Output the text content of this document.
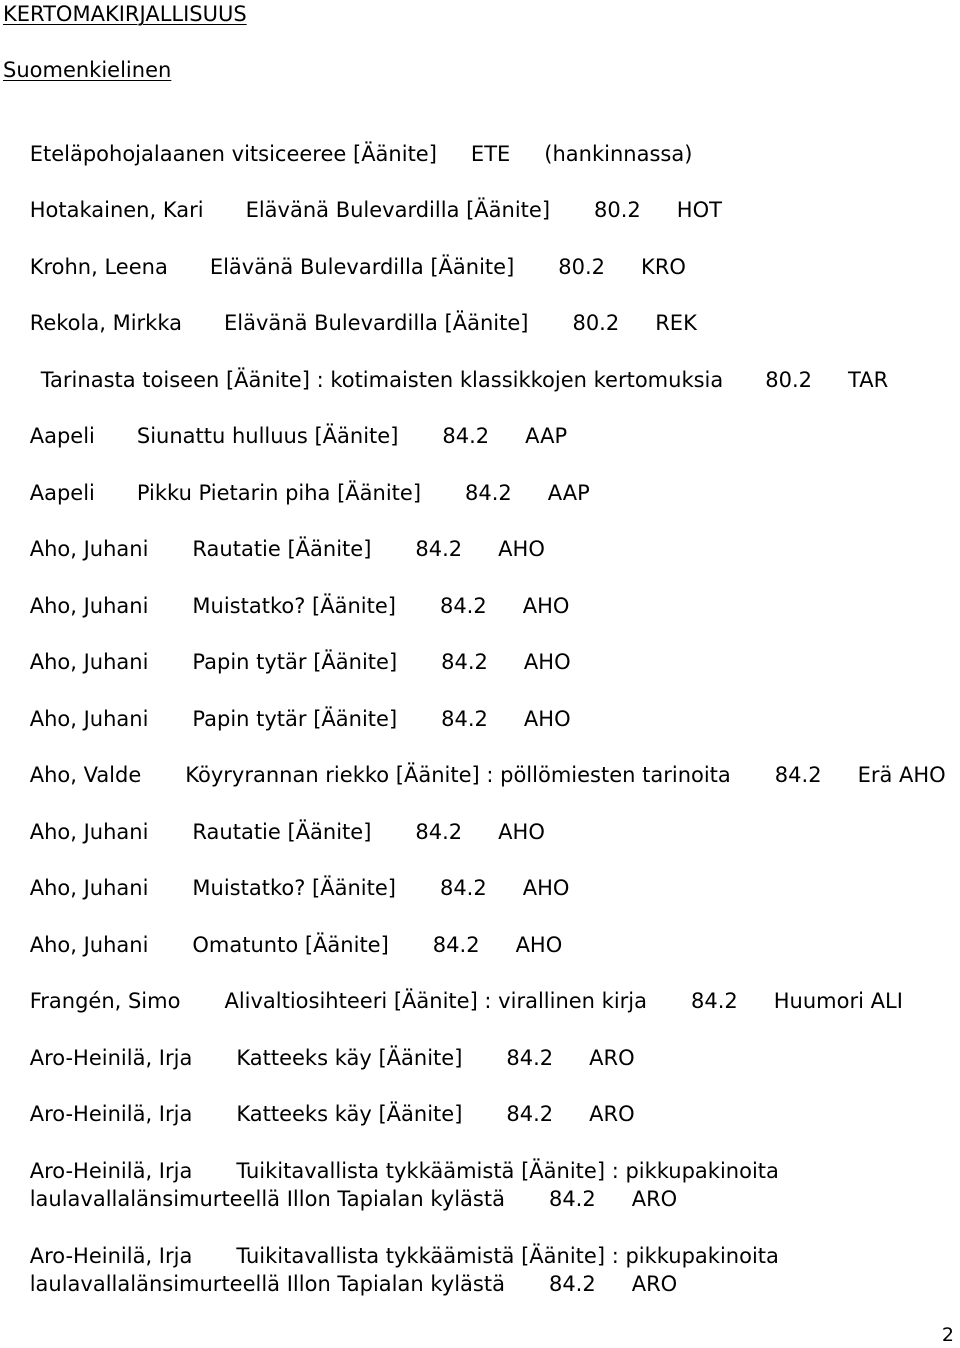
KERTOMAKIRJALLISUUS
Suomenkielinen

Eteläpohojalaanen vitsiceeree [Äänite] ETE (hankinnassa)

Hotakainen, Kari Elävänä Bulevardilla [Äänite] 80.2 HOT

Krohn, Leena Elävänä Bulevardilla [Äänite] 80.2 KRO

Rekola, Mirkka Elävänä Bulevardilla [Äänite] 80.2 REK

Tarinasta toiseen [Äänite] : kotimaisten klassikkojen kertomuksia 80.2 TAR

Aapeli Siunattu hulluus [Äänite] 84.2 AAP

Aapeli Pikku Pietarin piha [Äänite] 84.2 AAP

Aho, Juhani Rautatie [Äänite] 84.2 AHO

Aho, Juhani Muistatko? [Äänite] 84.2 AHO

Aho, Juhani Papin tytär [Äänite] 84.2 AHO

Aho, Juhani Papin tytär [Äänite] 84.2 AHO

Aho, Valde Köyryrannan riekko [Äänite] : pöllömiesten tarinoita 84.2 Erä AHO

Aho, Juhani Rautatie [Äänite] 84.2 AHO

Aho, Juhani Muistatko? [Äänite] 84.2 AHO

Aho, Juhani Omatunto [Äänite] 84.2 AHO

Frangén, Simo Alivaltiosihteeri [Äänite] : virallinen kirja 84.2 Huumori ALI

Aro-Heinilä, Irja Katteeks käy [Äänite] 84.2 ARO

Aro-Heinilä, Irja Katteeks käy [Äänite] 84.2 ARO

Aro-Heinilä, Irja Tuikitavallista tykkäämistä [Äänite] : pikkupakinoita

laulavallalänsimurteellä Illon Tapialan kylästä 84.2 ARO

Aro-Heinilä, Irja Tuikitavallista tykkäämistä [Äänite] : pikkupakinoita

laulavallalänsimurteellä Illon Tapialan kylästä 84.2 ARO

2
